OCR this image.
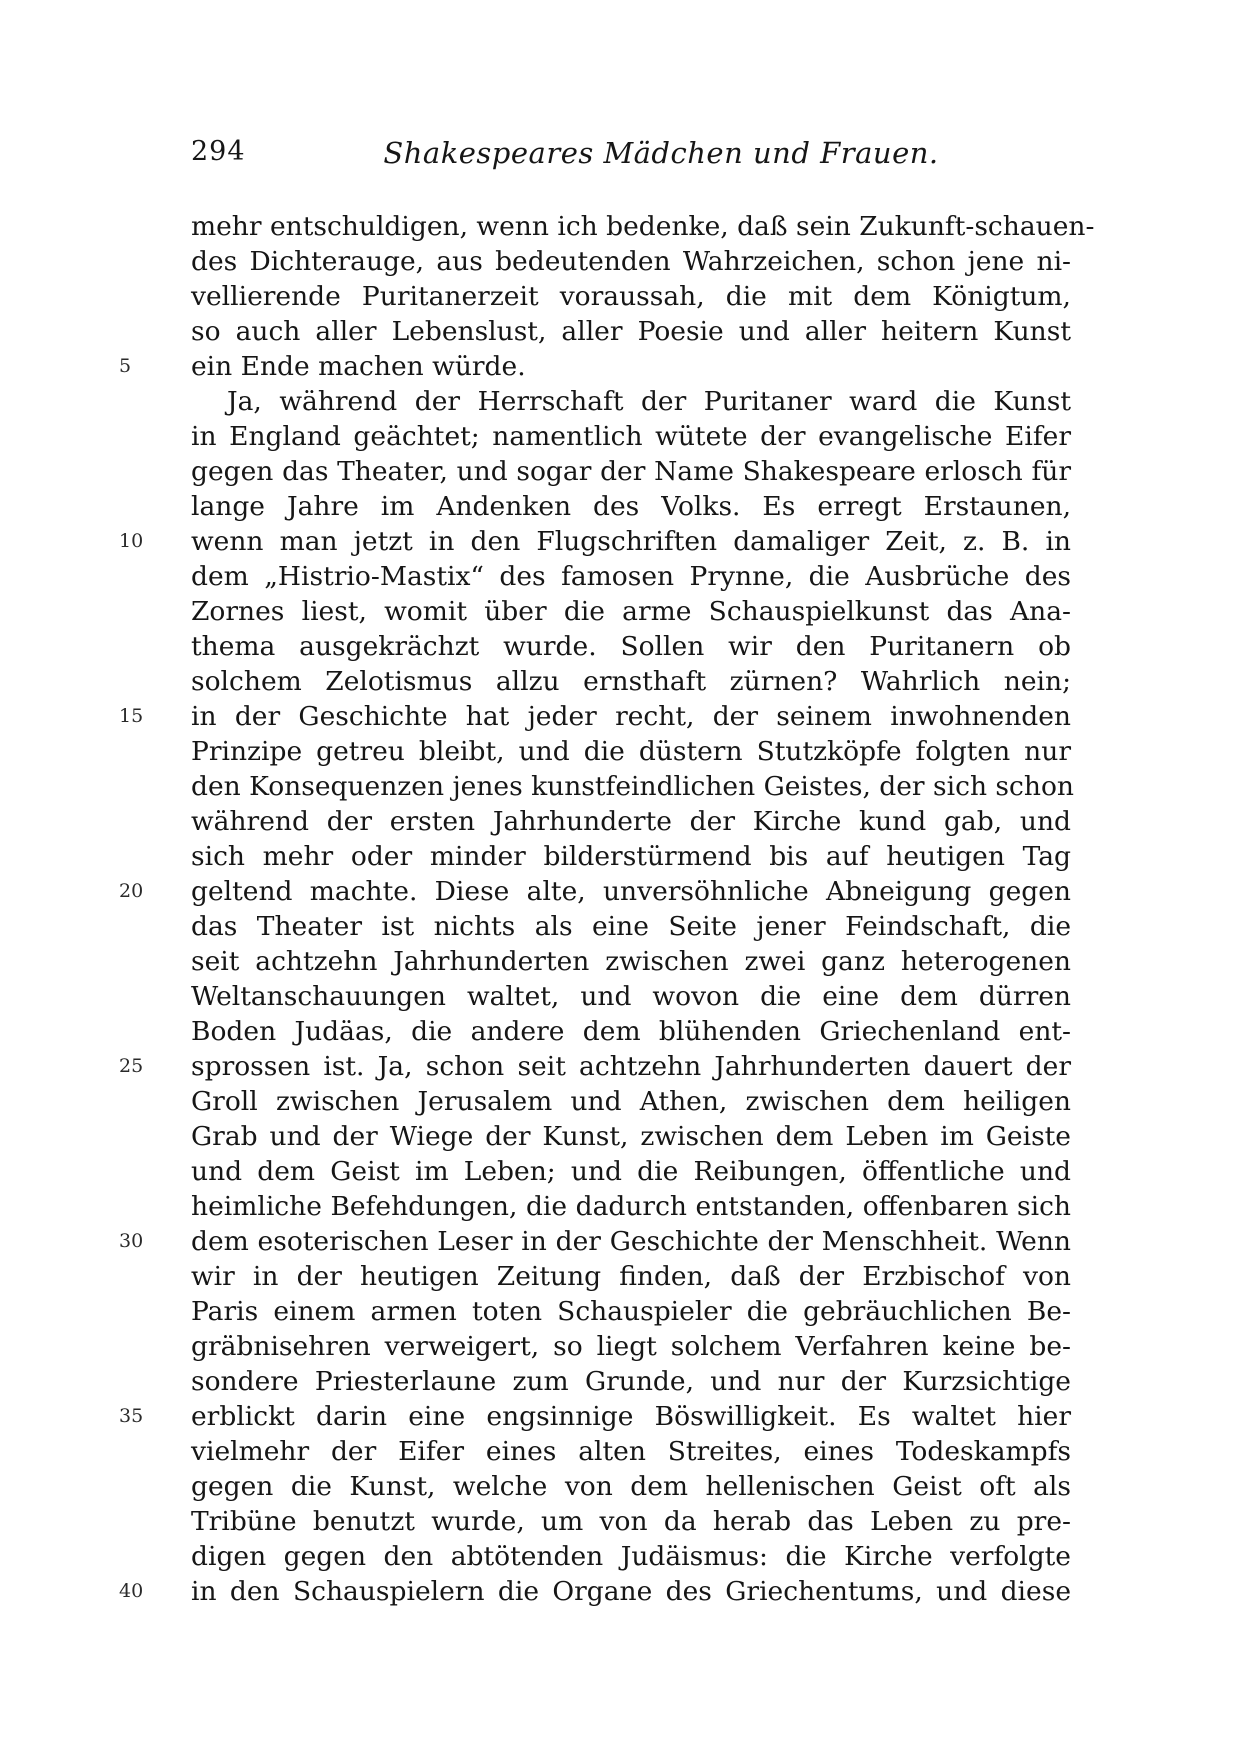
294	Shakespeares Mädchen und Frauen.
mehr entschuldigen, wenn ich bedenke, daß sein Zukunft-schauen-
des Dichterauge, aus bedeutenden Wahrzeichen, schon jene ni-
vellierende Puritanerzeit voraussah, die mit dem Königtum,
so auch aller Lebenslust, aller Poesie und aller heitern Kunst
5	ein Ende machen würde.
Ja, während der Herrschaft der Puritaner ward die Kunst
in England geächtet; namentlich wütete der evangelische Eifer
gegen das Theater, und sogar der Name Shakespeare erlosch für
lange Jahre im Andenken des Volks. Es erregt Erstaunen,
10	wenn man jetzt in den Flugschriften damaliger Zeit, z. B. in
dem „Histrio-Mastix“ des famosen Prynne, die Ausbrüche des
Zornes liest, womit über die arme Schauspielkunst das Ana-
thema ausgekrächzt wurde. Sollen wir den Puritanern ob
solchem Zelotismus allzu ernsthaft zürnen? Wahrlich nein;
15	in der Geschichte hat jeder recht, der seinem inwohnenden
Prinzipe getreu bleibt, und die düstern Stutzköpfe folgten nur
den Konsequenzen jenes kunstfeindlichen Geistes, der sich schon
während der ersten Jahrhunderte der Kirche kund gab, und
sich mehr oder minder bilderstürmend bis auf heutigen Tag
20	geltend machte. Diese alte, unversöhnliche Abneigung gegen
das Theater ist nichts als eine Seite jener Feindschaft, die
seit achtzehn Jahrhunderten zwischen zwei ganz heterogenen
Weltanschauungen waltet, und wovon die eine dem dürren
Boden Judäas, die andere dem blühenden Griechenland ent-
25	sprossen ist. Ja, schon seit achtzehn Jahrhunderten dauert der
Groll zwischen Jerusalem und Athen, zwischen dem heiligen
Grab und der Wiege der Kunst, zwischen dem Leben im Geiste
und dem Geist im Leben; und die Reibungen, öffentliche und
heimliche Befehdungen, die dadurch entstanden, offenbaren sich
30	dem esoterischen Leser in der Geschichte der Menschheit. Wenn
wir in der heutigen Zeitung finden, daß der Erzbischof von
Paris einem armen toten Schauspieler die gebräuchlichen Be-
gräbnisehren verweigert, so liegt solchem Verfahren keine be-
sondere Priesterlaune zum Grunde, und nur der Kurzsichtige
35	erblickt darin eine engsinnige Böswilligkeit. Es waltet hier
vielmehr der Eifer eines alten Streites, eines Todeskampfs
gegen die Kunst, welche von dem hellenischen Geist oft als
Tribüne benutzt wurde, um von da herab das Leben zu pre-
digen gegen den abtötenden Judäismus: die Kirche verfolgte
40	in den Schauspielern die Organe des Griechentums, und diese
